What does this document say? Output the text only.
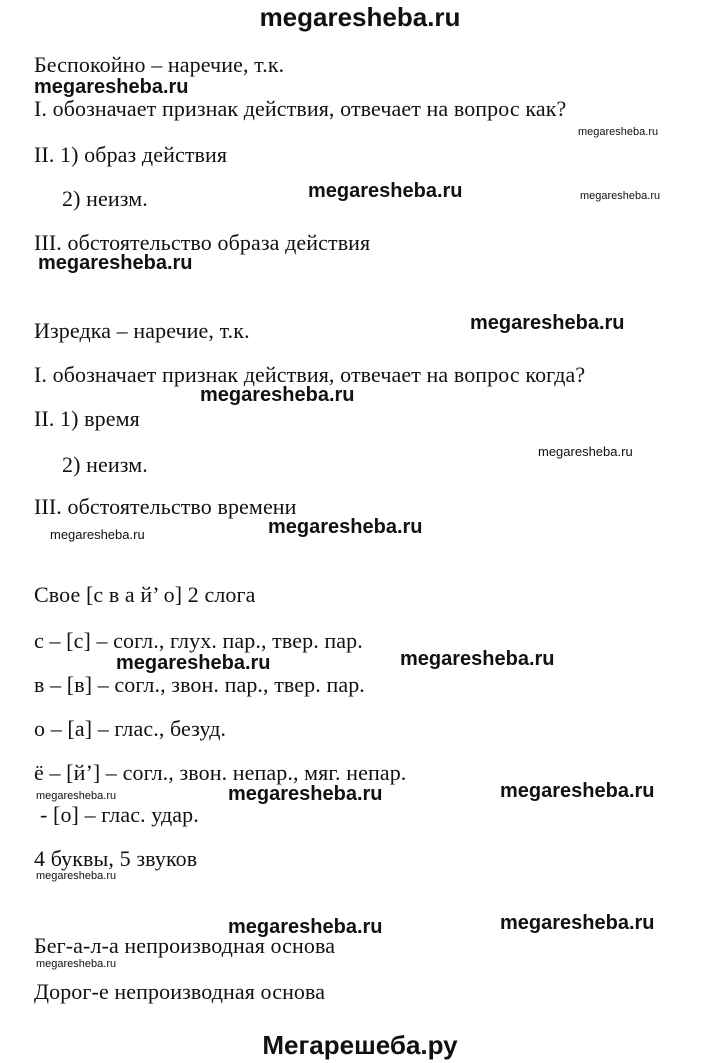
megaresheba.ru
Беспокойно – наречие, т.к.
megaresheba.ru
I. обозначает признак действия, отвечает на вопрос как?
megaresheba.ru
II. 1) образ действия
megaresheba.ru
2) неизм.	megaresheba.ru
III. обстоятельство образа действия
megaresheba.ru
megaresheba.ru
Изредка – наречие, т.к.
I. обозначает признак действия, отвечает на вопрос когда?
megaresheba.ru
II. 1) время
megaresheba.ru
2) неизм.
III. обстоятельство времени
megaresheba.ru
megaresheba.ru
Свое [с в а й’ о] 2 слога
с – [с] – согл., глух. пар., твер. пар.
megaresheba.ru	megaresheba.ru
в – [в] – согл., звон. пар., твер. пар.
о – [а] – глас., безуд.
ё – [й’] – согл., звон. непар., мяг. непар.
megaresheba.ru	megaresheba.ru
megaresheba.ru
- [о] – глас. удар.
4 буквы, 5 звуков
megaresheba.ru
megaresheba.ru	megaresheba.ru
Бег-а-л-а непроизводная основа
megaresheba.ru
Дорог-е непроизводная основа
Мегарешеба.ру
